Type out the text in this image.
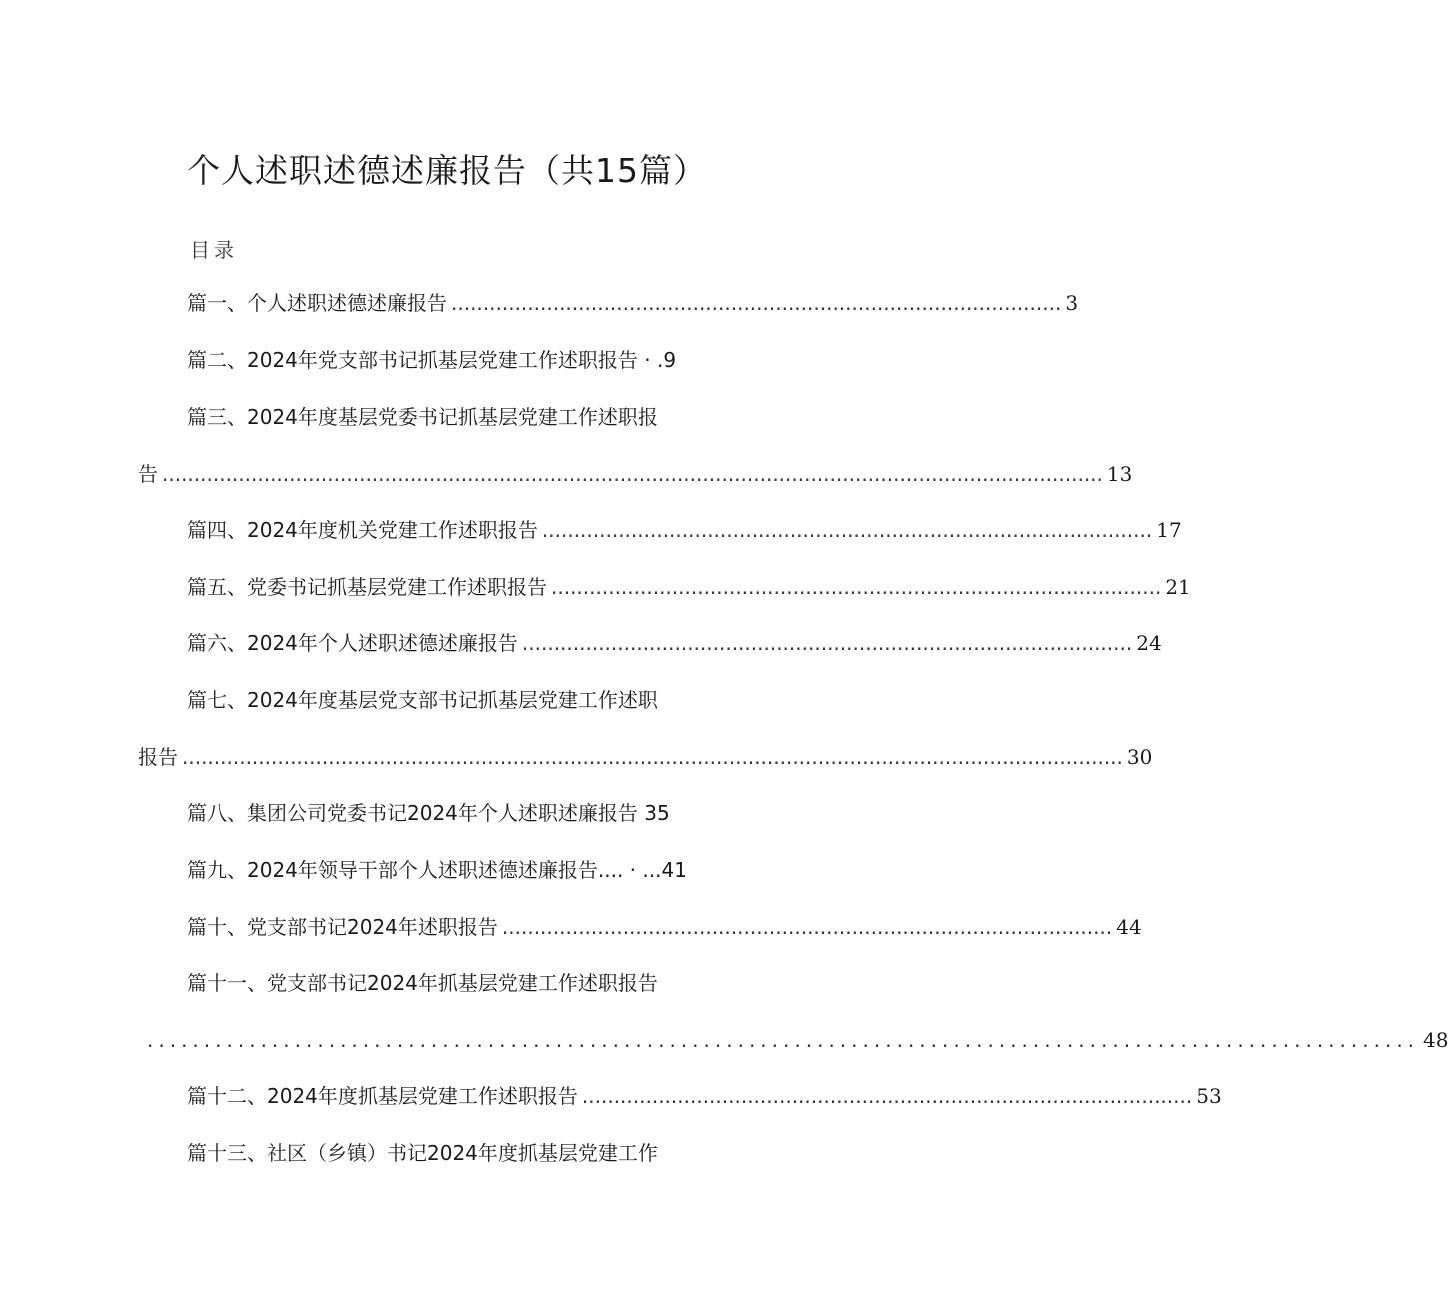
个人述职述德述廉报告（共15篇）
目录
篇一、个人述职述德述廉报告 ................................................................................................ 3
篇二、2024年党支部书记抓基层党建工作述职报告 · .9
篇三、2024年度基层党委书记抓基层党建工作述职报
告 .................................................................................................................................................... 13
篇四、2024年度机关党建工作述职报告 ................................................................................................ 17
篇五、党委书记抓基层党建工作述职报告 ................................................................................................ 21
篇六、2024年个人述职述德述廉报告 ................................................................................................ 24
篇七、2024年度基层党支部书记抓基层党建工作述职
报告 .................................................................................................................................................... 30
篇八、集团公司党委书记2024年个人述职述廉报告 35
篇九、2024年领导干部个人述职述德述廉报告.... · ...41
篇十、党支部书记2024年述职报告 ................................................................................................ 44
篇十一、党支部书记2024年抓基层党建工作述职报告
................................................................................................................ 48
篇十二、2024年度抓基层党建工作述职报告 ................................................................................................ 53
篇十三、社区（乡镇）书记2024年度抓基层党建工作
